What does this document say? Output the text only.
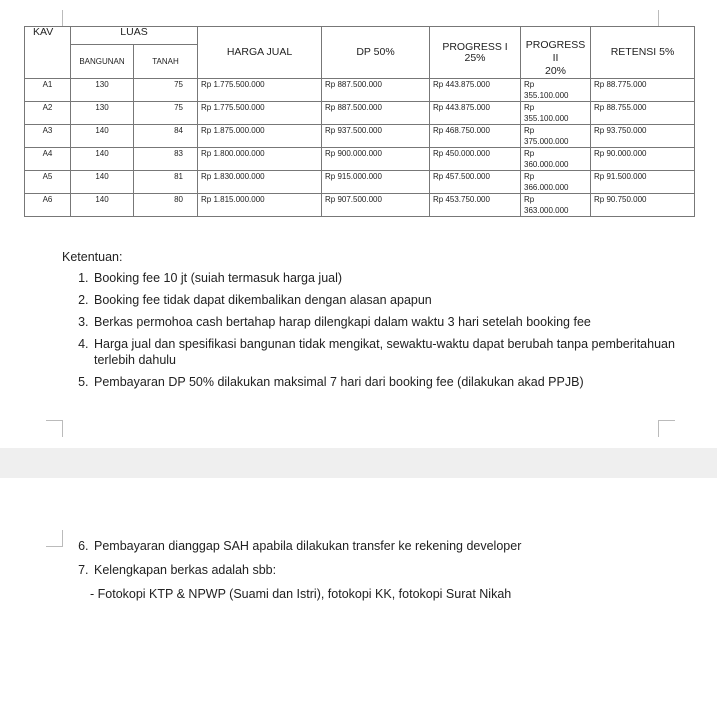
KAV	LUAS		HARGA JUAL	DP 50%	PROGRESS I 25%	PROGRESS
II
20%	RETENSI 5%
	BANGUNAN	TANAH					
A1	130	75	Rp 1.775.500.000	Rp 887.500.000	Rp 443.875.000	Rp
355.100.000	Rp 88.775.000
A2	130	75	Rp 1.775.500.000	Rp 887.500.000	Rp 443.875.000	Rp
355.100.000	Rp 88.755.000
A3	140	84	Rp 1.875.000.000	Rp 937.500.000	Rp 468.750.000	Rp
375.000.000	Rp 93.750.000
A4	140	83	Rp 1.800.000.000	Rp 900.000.000	Rp 450.000.000	Rp
360.000.000	Rp 90.000.000
A5	140	81	Rp 1.830.000.000	Rp 915.000.000	Rp 457.500.000	Rp
366.000.000	Rp 91.500.000
A6	140	80	Rp 1.815.000.000	Rp 907.500.000	Rp 453.750.000	Rp
363.000.000	Rp 90.750.000
Ketentuan:
1. Booking fee 10 jt (suiah termasuk harga jual)
2. Booking fee tidak dapat dikembalikan dengan alasan apapun
3. Berkas permohoa cash bertahap harap dilengkapi dalam waktu 3 hari setelah booking fee
4. Harga jual dan spesifikasi bangunan tidak mengikat, sewaktu-waktu dapat berubah tanpa pemberitahuan terlebih dahulu
5. Pembayaran DP 50% dilakukan maksimal 7 hari dari booking fee (dilakukan akad PPJB)
6. Pembayaran dianggap SAH apabila dilakukan transfer ke rekening developer
7. Kelengkapan berkas adalah sbb:
- Fotokopi KTP & NPWP (Suami dan Istri), fotokopi KK, fotokopi Surat Nikah
